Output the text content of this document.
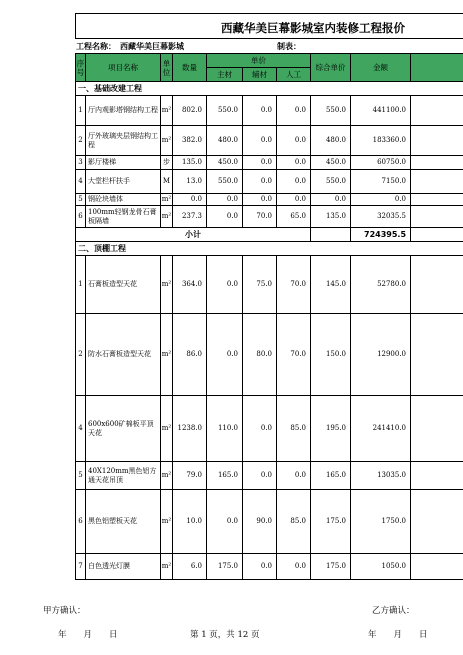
西藏华美巨幕影城室内装修工程报价
工程名称： 西藏华美巨幕影城	制表：
序号	项目名称	单位	数量	单价			综合单价	金额	
				主材	辅材	人工			
一、基础改建工程									
1	厅内观影塔钢结构工程	m²	802.0	550.0	0.0	0.0	550.0	441100.0	
2	厅外玻璃夹层钢结构工程	m²	382.0	480.0	0.0	0.0	480.0	183360.0	
3	影厅楼梯	步	135.0	450.0	0.0	0.0	450.0	60750.0	
4	大堂栏杆扶手	M	13.0	550.0	0.0	0.0	550.0	7150.0	
5	钢砼块墙体	m²	0.0	0.0	0.0	0.0	0.0	0.0	
6	100mm轻钢龙骨石膏板隔墙	m²	237.3	0.0	70.0	65.0	135.0	32035.5	
小计								724395.5	
二、顶棚工程									
1	石膏板造型天花	m²	364.0	0.0	75.0	70.0	145.0	52780.0	
2	防水石膏板造型天花	m²	86.0	0.0	80.0	70.0	150.0	12900.0	
4	600x600矿棉板平顶天花	m²	1238.0	110.0	0.0	85.0	195.0	241410.0	
5	40X120mm黑色铝方通天花吊顶	m²	79.0	165.0	0.0	0.0	165.0	13035.0	
6	黑色铝塑板天花	m²	10.0	0.0	90.0	85.0	175.0	1750.0	
7	白色透光灯膜	m²	6.0	175.0	0.0	0.0	175.0	1050.0	
甲方确认：	乙方确认：
年　　月　　日	第 1 页，共 12 页	年　　月　　日
